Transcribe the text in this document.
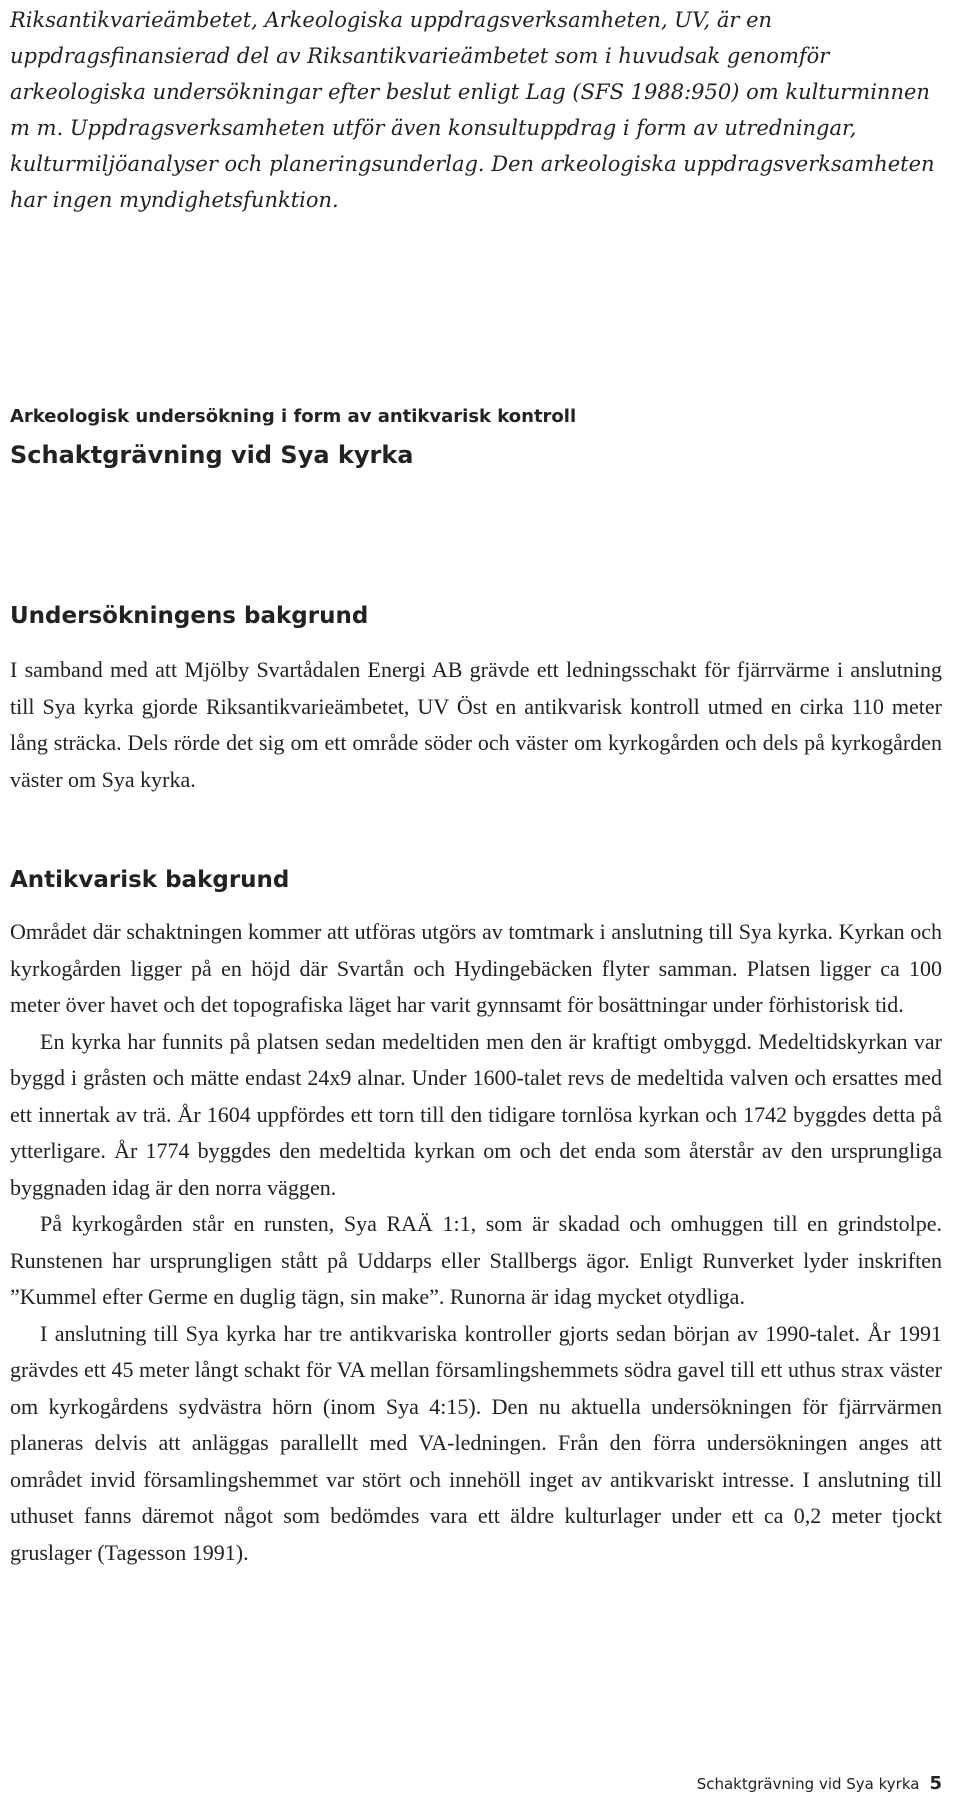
Riksantikvarieämbetet, Arkeologiska uppdragsverksamheten, UV, är en uppdragsfinansierad del av Riksantikvarieämbetet som i huvudsak genomför arkeologiska undersökningar efter beslut enligt Lag (SFS 1988:950) om kulturminnen m m. Uppdragsverksamheten utför även konsultuppdrag i form av utredningar, kulturmiljöanalyser och planeringsunderlag. Den arkeologiska uppdragsverksamheten har ingen myndighetsfunktion.

Arkeologisk undersökning i form av antikvarisk kontroll
Schaktgrävning vid Sya kyrka
Undersökningens bakgrund

I samband med att Mjölby Svartådalen Energi AB grävde ett ledningsschakt för fjärrvärme i anslutning till Sya kyrka gjorde Riksantikvarieämbetet, UV Öst en antikvarisk kontroll utmed en cirka 110 meter lång sträcka. Dels rörde det sig om ett område söder och väster om kyrkogården och dels på kyrkogården väster om Sya kyrka.

Antikvarisk bakgrund

Området där schaktningen kommer att utföras utgörs av tomtmark i anslutning till Sya kyrka. Kyrkan och kyrkogården ligger på en höjd där Svartån och Hydingebäcken flyter samman. Platsen ligger ca 100 meter över havet och det topografiska läget har varit gynnsamt för bosättningar under förhistorisk tid.

En kyrka har funnits på platsen sedan medeltiden men den är kraftigt ombyggd. Medeltidskyrkan var byggd i gråsten och mätte endast 24x9 alnar. Under 1600-talet revs de medeltida valven och ersattes med ett innertak av trä. År 1604 uppfördes ett torn till den tidigare tornlösa kyrkan och 1742 byggdes detta på ytterligare. År 1774 byggdes den medeltida kyrkan om och det enda som återstår av den ursprungliga byggnaden idag är den norra väggen.

På kyrkogården står en runsten, Sya RAÄ 1:1, som är skadad och omhuggen till en grindstolpe. Runstenen har ursprungligen stått på Uddarps eller Stallbergs ägor. Enligt Runverket lyder inskriften ”Kummel efter Germe en duglig tägn, sin make”. Runorna är idag mycket otydliga.

I anslutning till Sya kyrka har tre antikvariska kontroller gjorts sedan början av 1990-talet. År 1991 grävdes ett 45 meter långt schakt för VA mellan församlingshemmets södra gavel till ett uthus strax väster om kyrkogårdens sydvästra hörn (inom Sya 4:15). Den nu aktuella undersökningen för fjärrvärmen planeras delvis att anläggas parallellt med VA-ledningen. Från den förra undersökningen anges att området invid församlingshemmet var stört och innehöll inget av antikvariskt intresse. I anslutning till uthuset fanns däremot något som bedömdes vara ett äldre kulturlager under ett ca 0,2 meter tjockt gruslager (Tagesson 1991).

Schaktgrävning vid Sya kyrka 5
